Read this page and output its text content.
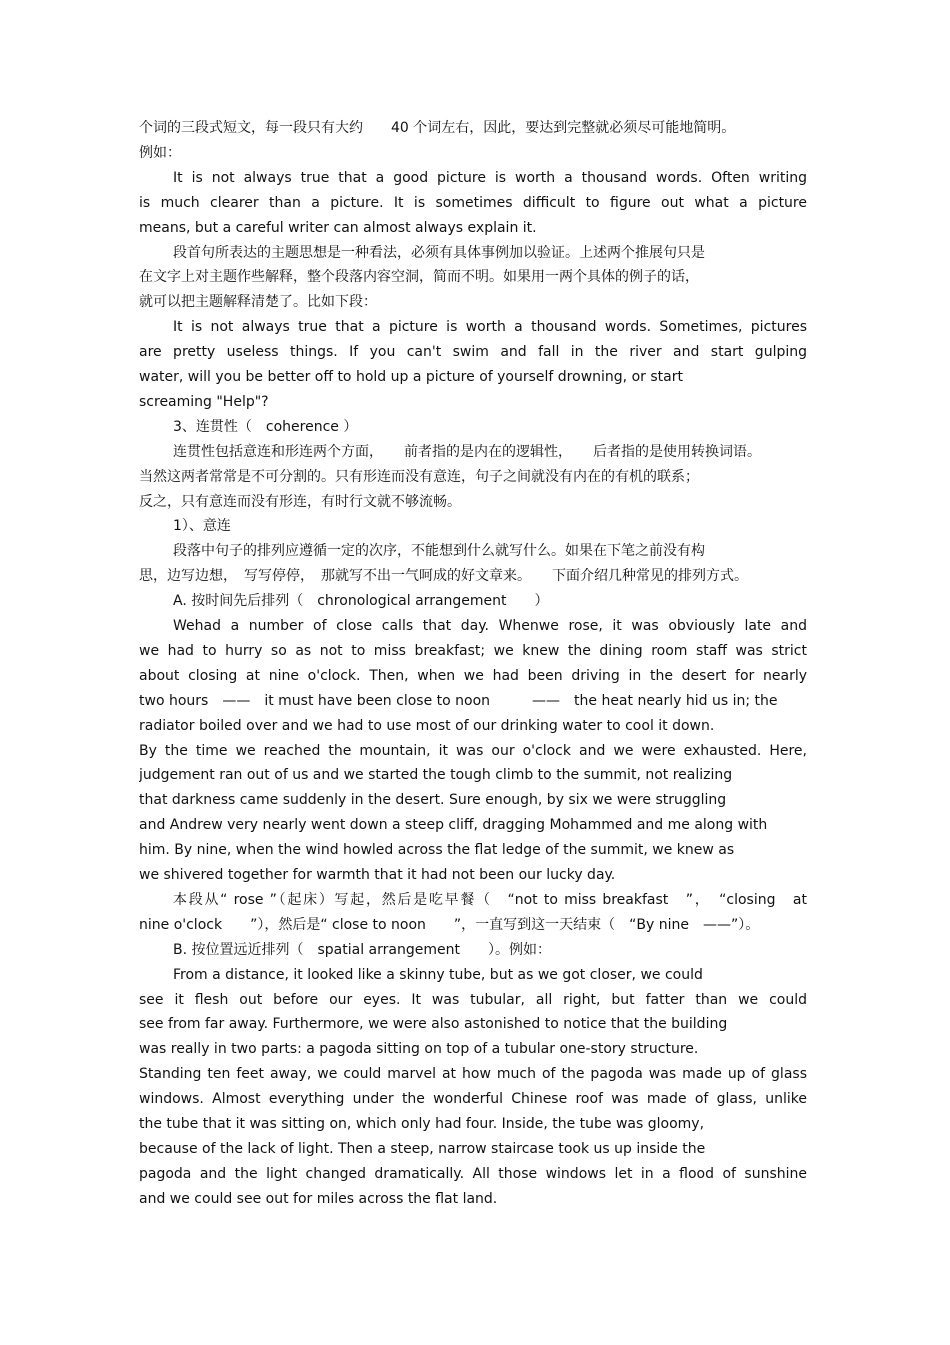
个词的三段式短文，每一段只有大约　　40 个词左右，因此，要达到完整就必须尽可能地简明。
例如：
It is not always true that a good picture is worth a thousand words. Often writing
is much clearer than a picture. It is sometimes difficult to figure out what a picture
means, but a careful writer can almost always explain it.
段首句所表达的主题思想是一种看法，必须有具体事例加以验证。上述两个推展句只是
在文字上对主题作些解释，整个段落内容空洞，简而不明。如果用一两个具体的例子的话，
就可以把主题解释清楚了。比如下段：
It is not always true that a picture is worth a thousand words. Sometimes, pictures
are pretty useless things. If you can't swim and fall in the river and start gulping
water, will you be better off to hold up a picture of yourself drowning, or start
screaming "Help"?
3、连贯性（　coherence ）
连贯性包括意连和形连两个方面，　　前者指的是内在的逻辑性，　　后者指的是使用转换词语。
当然这两者常常是不可分割的。只有形连而没有意连，句子之间就没有内在的有机的联系；
反之，只有意连而没有形连，有时行文就不够流畅。
1）、意连
段落中句子的排列应遵循一定的次序，不能想到什么就写什么。如果在下笔之前没有构
思，边写边想，　写写停停，　那就写不出一气呵成的好文章来。　　下面介绍几种常见的排列方式。
A. 按时间先后排列（　chronological arrangement　　）
Wehad a number of close calls that day. Whenwe rose, it was obviously late and
we had to hurry so as not to miss breakfast; we knew the dining room staff was strict
about closing at nine o'clock. Then, when we had been driving in the desert for nearly
two hours　——　it must have been close to noon　　　——　the heat nearly hid us in; the
radiator boiled over and we had to use most of our drinking water to cool it down.
By the time we reached the mountain, it was our o'clock and we were exhausted. Here,
judgement ran out of us and we started the tough climb to the summit, not realizing
that darkness came suddenly in the desert. Sure enough, by six we were struggling
and Andrew very nearly went down a steep cliff, dragging Mohammed and me along with
him. By nine, when the wind howled across the flat ledge of the summit, we knew as
we shivered together for warmth that it had not been our lucky day.
本段从“ rose ”（起床）写起，然后是吃早餐（　“not to miss breakfast　”，　“closing　at
nine o'clock　　”），然后是“ close to noon　　”，一直写到这一天结束（　“By nine　——”）。
B. 按位置远近排列（　spatial arrangement　　）。例如：
From a distance, it looked like a skinny tube, but as we got closer, we could
see it flesh out before our eyes. It was tubular, all right, but fatter than we could
see from far away. Furthermore, we were also astonished to notice that the building
was really in two parts: a pagoda sitting on top of a tubular one-story structure.
Standing ten feet away, we could marvel at how much of the pagoda was made up of glass
windows. Almost everything under the wonderful Chinese roof was made of glass, unlike
the tube that it was sitting on, which only had four. Inside, the tube was gloomy,
because of the lack of light. Then a steep, narrow staircase took us up inside the
pagoda and the light changed dramatically. All those windows let in a flood of sunshine
and we could see out for miles across the flat land.
